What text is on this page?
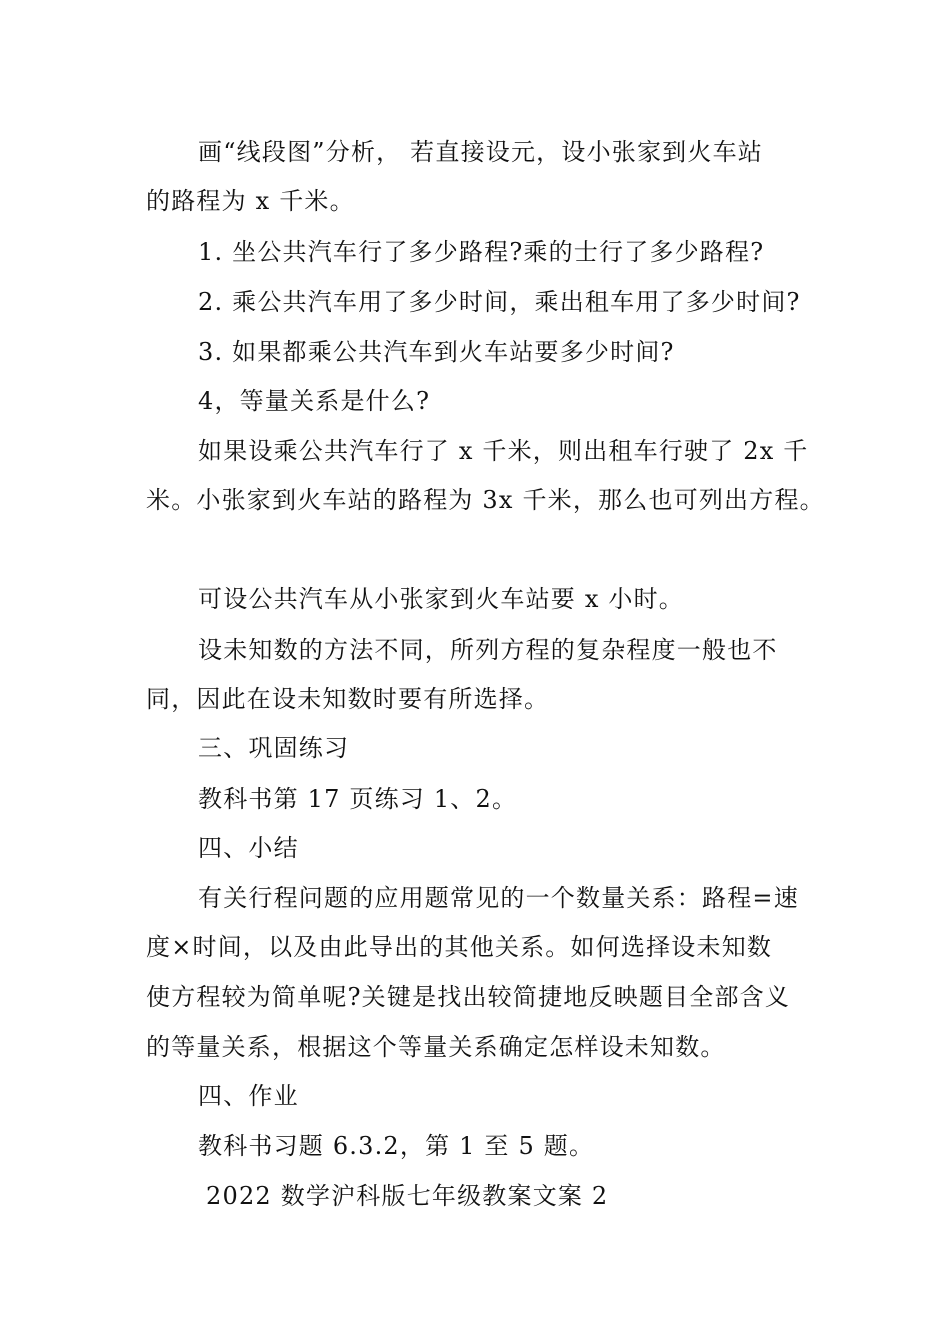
画“线段图”分析， 若直接设元，设小张家到火车站
的路程为 x 千米。
1. 坐公共汽车行了多少路程?乘的士行了多少路程?
2. 乘公共汽车用了多少时间，乘出租车用了多少时间?
3. 如果都乘公共汽车到火车站要多少时间?
4，等量关系是什么?
如果设乘公共汽车行了 x 千米，则出租车行驶了 2x 千
米。小张家到火车站的路程为 3x 千米，那么也可列出方程。
可设公共汽车从小张家到火车站要 x 小时。
设未知数的方法不同，所列方程的复杂程度一般也不
同，因此在设未知数时要有所选择。
三、巩固练习
教科书第 17 页练习 1、2。
四、小结
有关行程问题的应用题常见的一个数量关系：路程=速
度×时间，以及由此导出的其他关系。如何选择设未知数
使方程较为简单呢?关键是找出较简捷地反映题目全部含义
的等量关系，根据这个等量关系确定怎样设未知数。
四、作业
教科书习题 6.3.2，第 1 至 5 题。
2022 数学沪科版七年级教案文案 2
